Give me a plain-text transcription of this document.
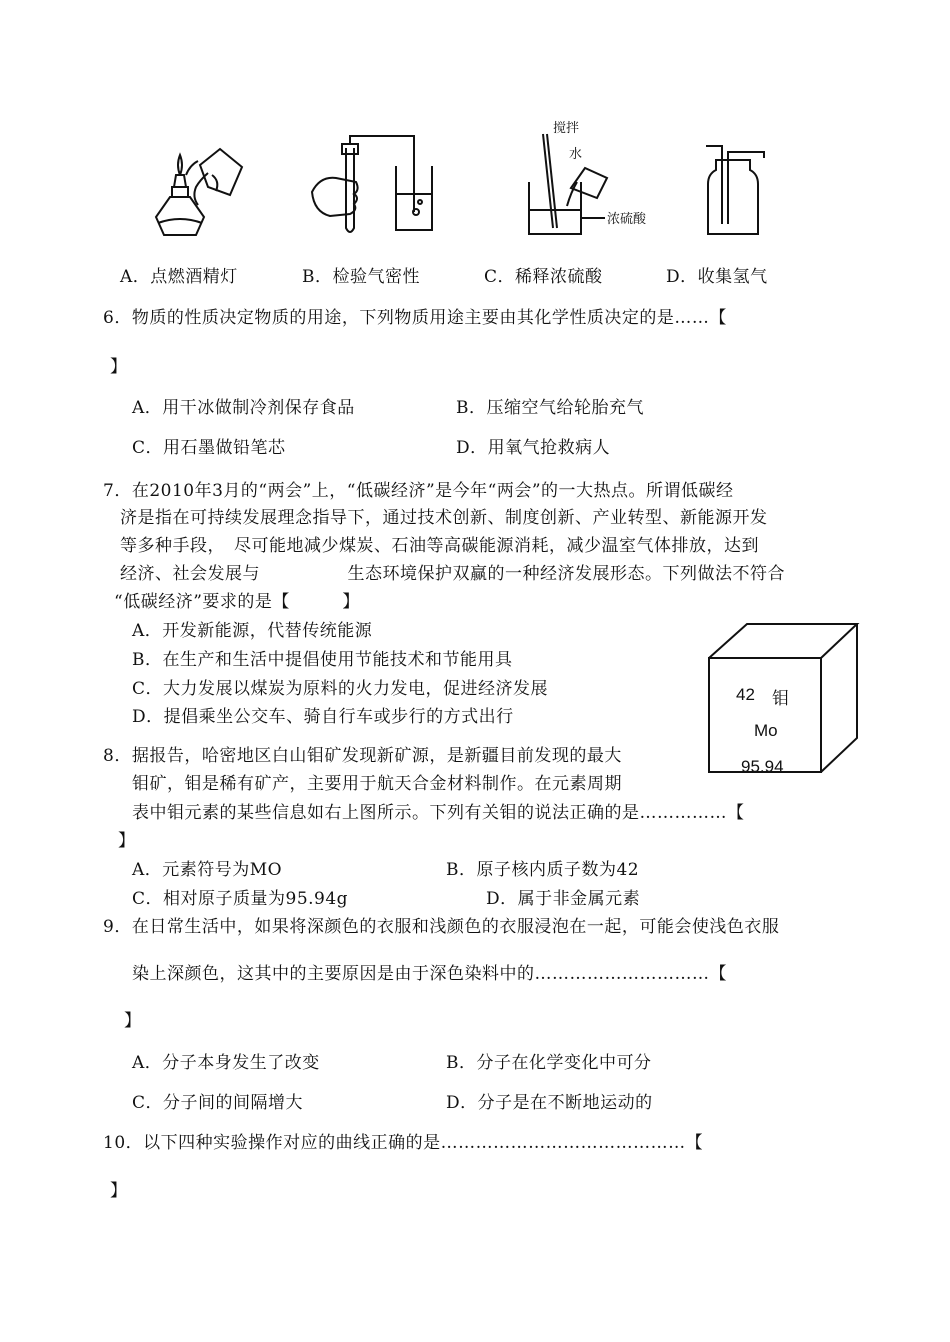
搅拌
水
浓硫酸
A．点燃酒精灯	B．检验气密性	C．稀释浓硫酸	D．收集氢气
6．物质的性质决定物质的用途，下列物质用途主要由其化学性质决定的是……【
】
A．用干冰做制冷剂保存食品	B．压缩空气给轮胎充气
C．用石墨做铅笔芯	D．用氧气抢救病人
7．在2010年3月的“两会”上，“低碳经济”是今年“两会”的一大热点。所谓低碳经
济是指在可持续发展理念指导下，通过技术创新、制度创新、产业转型、新能源开发
等多种手段，　尽可能地减少煤炭、石油等高碳能源消耗，减少温室气体排放，达到
经济、社会发展与　　　　　生态环境保护双赢的一种经济发展形态。下列做法不符合
“低碳经济”要求的是【　　　】
A．开发新能源，代替传统能源
B．在生产和生活中提倡使用节能技术和节能用具
C．大力发展以煤炭为原料的火力发电，促进经济发展
D．提倡乘坐公交车、骑自行车或步行的方式出行
42 钼
Mo
95.94
8．据报告，哈密地区白山钼矿发现新矿源，是新疆目前发现的最大
钼矿，钼是稀有矿产，主要用于航天合金材料制作。在元素周期
表中钼元素的某些信息如右上图所示。下列有关钼的说法正确的是……………【
】
A．元素符号为MO	B．原子核内质子数为42
C．相对原子质量为95.94g	D．属于非金属元素
9．在日常生活中，如果将深颜色的衣服和浅颜色的衣服浸泡在一起，可能会使浅色衣服
染上深颜色，这其中的主要原因是由于深色染料中的…………………………【
】
A．分子本身发生了改变	B．分子在化学变化中可分
C．分子间的间隔增大	D．分子是在不断地运动的
10．以下四种实验操作对应的曲线正确的是……………………………………【
】
